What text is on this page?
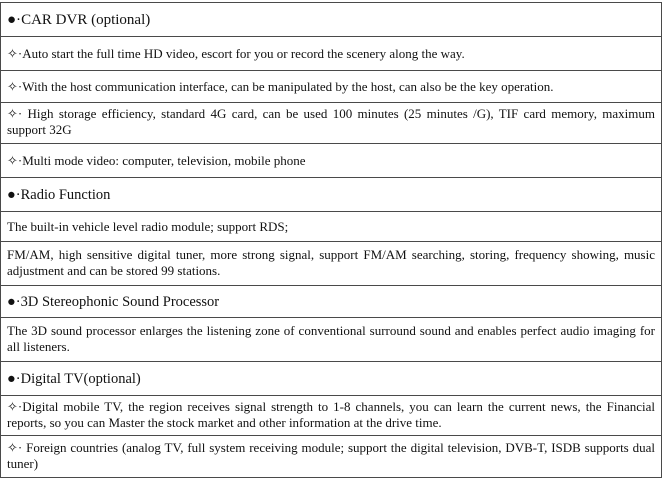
●·CAR DVR (optional)
✧·Auto start the full time HD video, escort for you or record the scenery along the way.
✧·With the host communication interface, can be manipulated by the host, can also be the key operation.
✧· High storage efficiency, standard 4G card, can be used 100 minutes (25 minutes /G), TIF card memory, maximum support 32G
✧·Multi mode video: computer, television, mobile phone
●·Radio Function
The built-in vehicle level radio module; support RDS;
FM/AM, high sensitive digital tuner, more strong signal, support FM/AM searching, storing, frequency showing, music adjustment and can be stored 99 stations.
●·3D Stereophonic Sound Processor
The 3D sound processor enlarges the listening zone of conventional surround sound and enables perfect audio imaging for all listeners.
●·Digital TV(optional)
✧·Digital mobile TV, the region receives signal strength to 1-8 channels, you can learn the current news, the Financial reports, so you can Master the stock market and other information at the drive time.
✧· Foreign countries (analog TV, full system receiving module; support the digital television, DVB-T, ISDB supports dual tuner)
